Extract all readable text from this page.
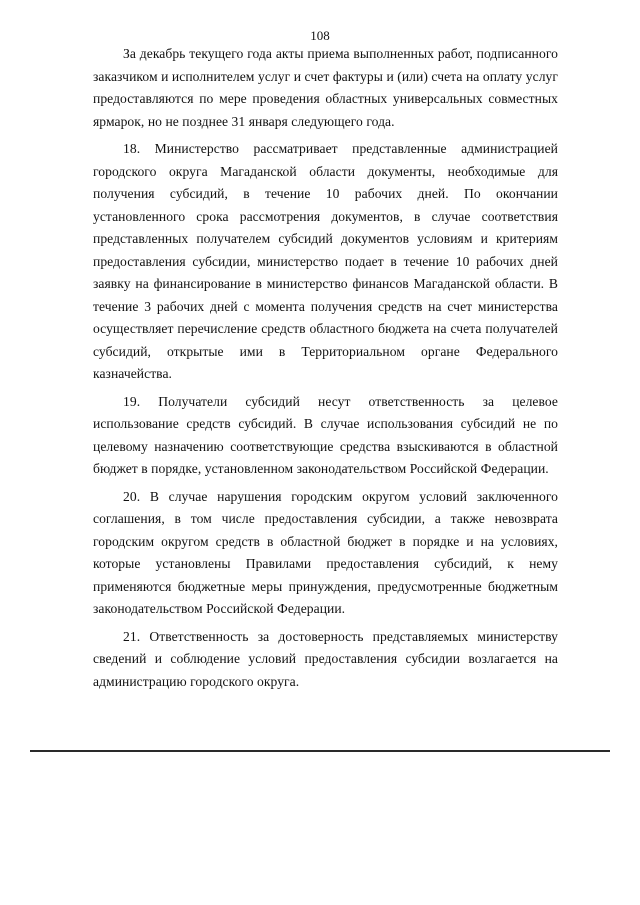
108

За декабрь текущего года акты приема выполненных работ, подписанного заказчиком и исполнителем услуг и счет фактуры и (или) счета на оплату услуг предоставляются по мере проведения областных универсальных совместных ярмарок, но не позднее 31 января следующего года.

18. Министерство рассматривает представленные администрацией городского округа Магаданской области документы, необходимые для получения субсидий, в течение 10 рабочих дней. По окончании установленного срока рассмотрения документов, в случае соответствия представленных получателем субсидий документов условиям и критериям предоставления субсидии, министерство подает в течение 10 рабочих дней заявку на финансирование в министерство финансов Магаданской области. В течение 3 рабочих дней с момента получения средств на счет министерства осуществляет перечисление средств областного бюджета на счета получателей субсидий, открытые ими в Территориальном органе Федерального казначейства.

19. Получатели субсидий несут ответственность за целевое использование средств субсидий. В случае использования субсидий не по целевому назначению соответствующие средства взыскиваются в областной бюджет в порядке, установленном законодательством Российской Федерации.

20. В случае нарушения городским округом условий заключенного соглашения, в том числе предоставления субсидии, а также невозврата городским округом средств в областной бюджет в порядке и на условиях, которые установлены Правилами предоставления субсидий, к нему применяются бюджетные меры принуждения, предусмотренные бюджетным законодательством Российской Федерации.

21. Ответственность за достоверность представляемых министерству сведений и соблюдение условий предоставления субсидии возлагается на администрацию городского округа.
